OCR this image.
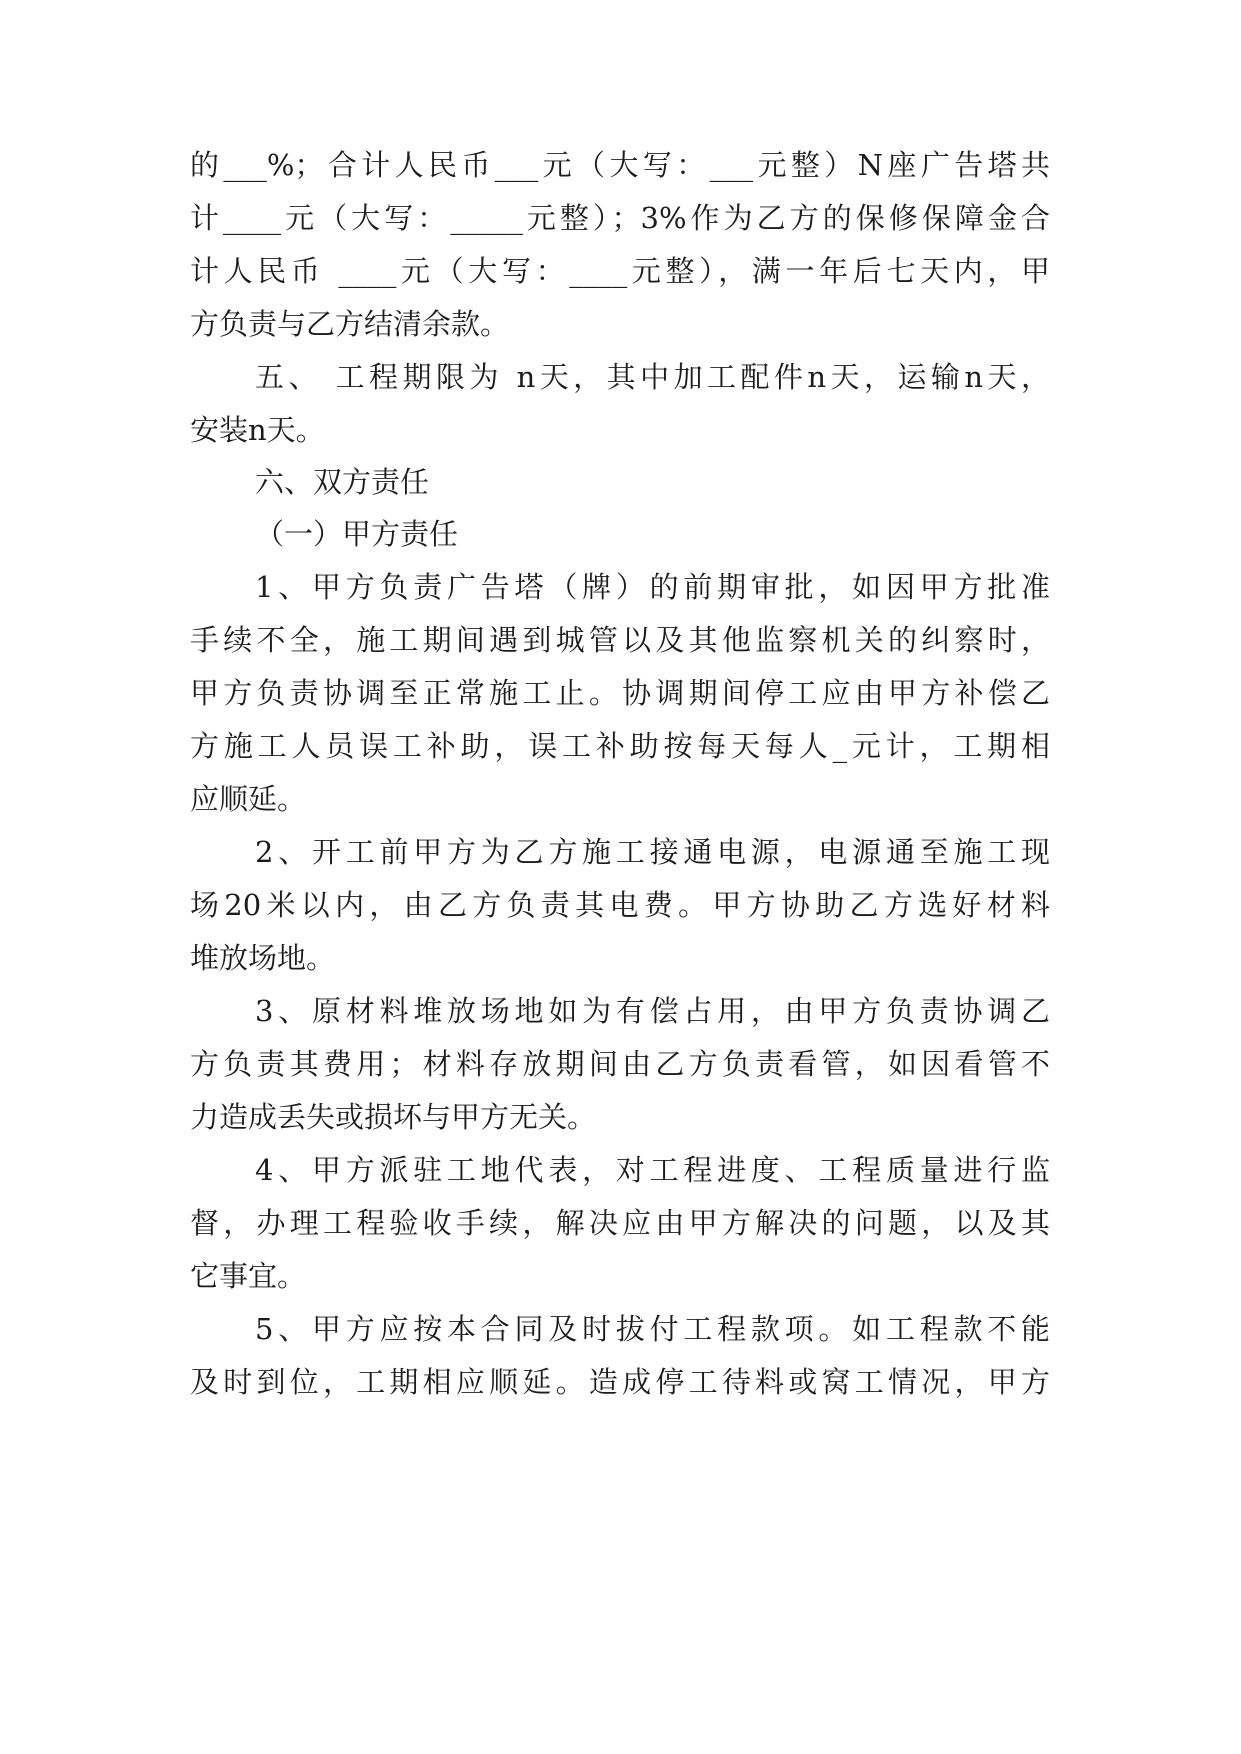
的___%；合计人民币___元（大写：___元整）N座广告塔共
计____元（大写：_____元整）；3%作为乙方的保修保障金合
计人民币 ____元（大写：____元整），满一年后七天内，甲
方负责与乙方结清余款。
五、 工程期限为 n天，其中加工配件n天，运输n天，
安装n天。
六、双方责任
（一）甲方责任
1、甲方负责广告塔（牌）的前期审批，如因甲方批准
手续不全，施工期间遇到城管以及其他监察机关的纠察时，
甲方负责协调至正常施工止。协调期间停工应由甲方补偿乙
方施工人员误工补助，误工补助按每天每人_元计，工期相
应顺延。
2、开工前甲方为乙方施工接通电源，电源通至施工现
场20米以内，由乙方负责其电费。甲方协助乙方选好材料
堆放场地。
3、原材料堆放场地如为有偿占用，由甲方负责协调乙
方负责其费用；材料存放期间由乙方负责看管，如因看管不
力造成丢失或损坏与甲方无关。
4、甲方派驻工地代表，对工程进度、工程质量进行监
督，办理工程验收手续，解决应由甲方解决的问题，以及其
它事宜。
5、甲方应按本合同及时拔付工程款项。如工程款不能
及时到位，工期相应顺延。造成停工待料或窝工情况，甲方
